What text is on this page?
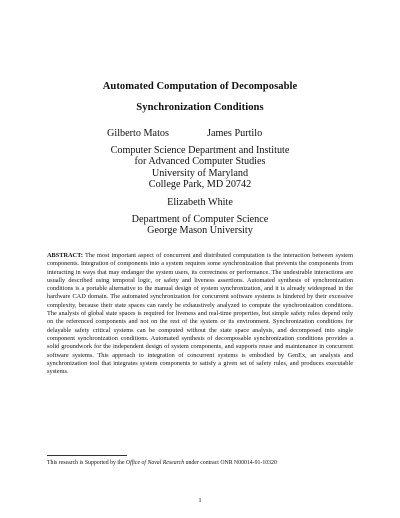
Automated Computation of Decomposable
Synchronization Conditions
Gilberto Matos	James Purtilo
Computer Science Department and Institute
for Advanced Computer Studies
University of Maryland
College Park, MD 20742
Elizabeth White
Department of Computer Science
George Mason University
ABSTRACT: The most important aspect of concurrent and distributed computation is the interaction between system components. Integration of components into a system requires some synchronization that prevents the components from interacting in ways that may endanger the system users, its correctness or performance. The undesirable interactions are usually described using temporal logic, or safety and liveness assertions. Automated synthesis of synchronization conditions is a portable alternative to the manual design of system synchronization, and it is already widespread in the hardware CAD domain. The automated synchronization for concurrent software systems is hindered by their excessive complexity, because their state spaces can rarely be exhaustively analyzed to compute the synchronization conditions. The analysis of global state spaces is required for liveness and real-time properties, but simple safety rules depend only on the referenced components and not on the rest of the system or its environment. Synchronization conditions for delayable safety critical systems can be computed without the state space analysis, and decomposed into single component synchronization conditions. Automated synthesis of decomposable synchronization conditions provides a solid groundwork for the independent design of system components, and supports reuse and maintenance in concurrent software systems. This approach to integration of concurrent systems is embodied by GenEx, an analysis and synchronization tool that integrates system components to satisfy a given set of safety rules, and produces executable systems.
This research is Supported by the Office of Naval Research under contract ONR N00014-91-10320
1
